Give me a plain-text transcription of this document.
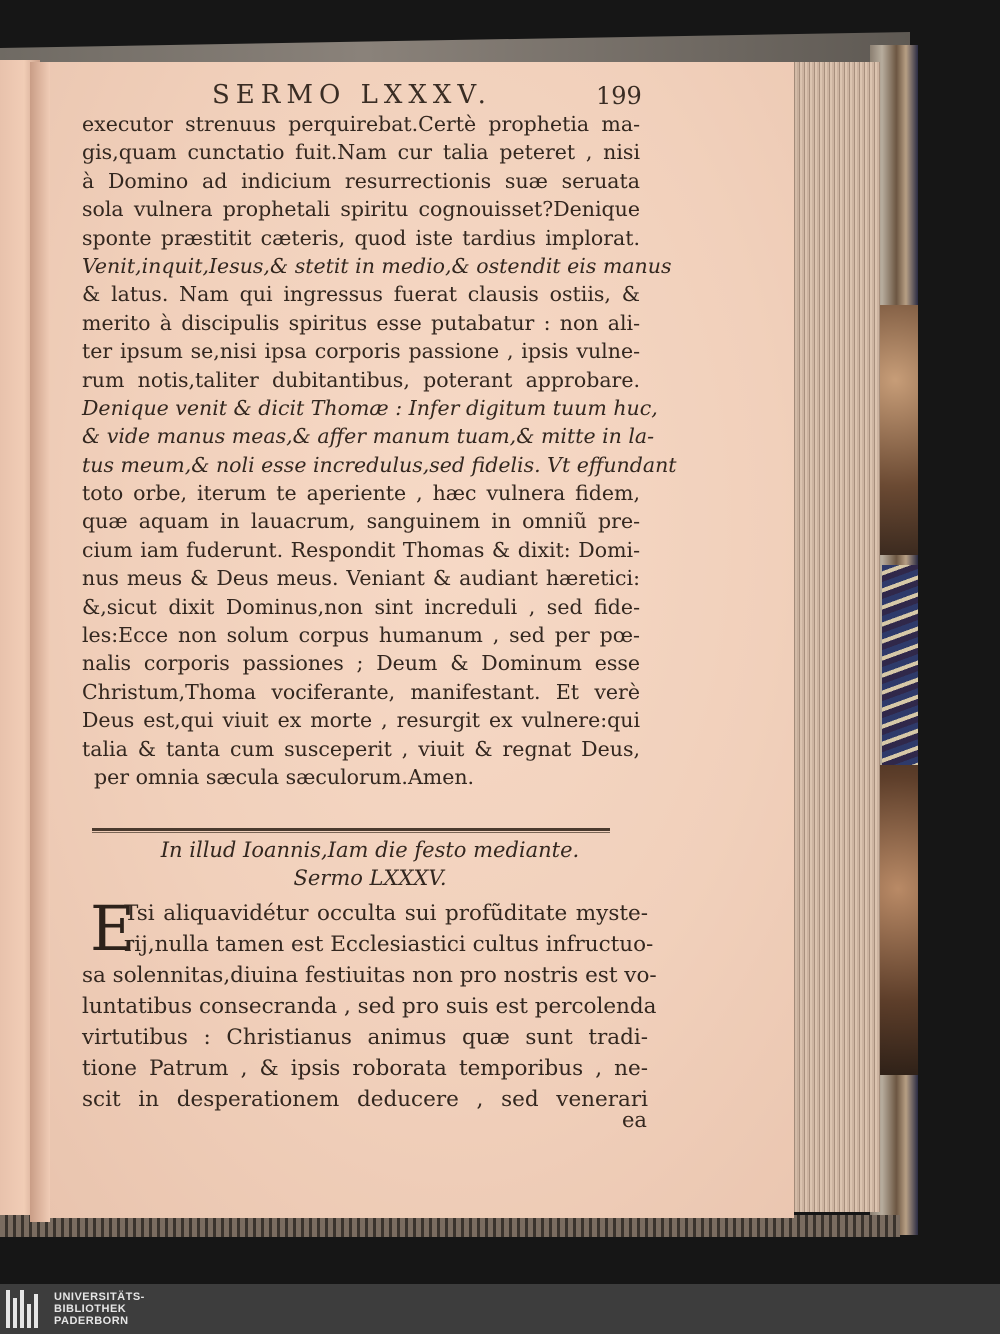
SERMO LXXXV.	199
executor strenuus perquirebat.Certè prophetia ma-
gis,quam cunctatio fuit.Nam cur talia peteret , nisi
à Domino ad indicium resurrectionis suæ seruata
sola vulnera prophetali spiritu cognouisset?Denique
sponte præstitit cæteris, quod iste tardius implorat.
Venit,inquit,Iesus,& stetit in medio,& ostendit eis manus
& latus. Nam qui ingressus fuerat clausis ostiis, &
merito à discipulis spiritus esse putabatur : non ali-
ter ipsum se,nisi ipsa corporis passione , ipsis vulne-
rum notis,taliter dubitantibus, poterant approbare.
Denique venit & dicit Thomæ : Infer digitum tuum huc,
& vide manus meas,& affer manum tuam,& mitte in la-
tus meum,& noli esse incredulus,sed fidelis. Vt effundant
toto orbe, iterum te aperiente , hæc vulnera fidem,
quæ aquam in lauacrum, sanguinem in omniũ pre-
cium iam fuderunt. Respondit Thomas & dixit: Domi-
nus meus & Deus meus. Veniant & audiant hæretici:
&,sicut dixit Dominus,non sint increduli , sed fide-
les:Ecce non solum corpus humanum , sed per pœ-
nalis corporis passiones ; Deum & Dominum esse
Christum,Thoma vociferante, manifestant. Et verè
Deus est,qui viuit ex morte , resurgit ex vulnere:qui
talia & tanta cum susceperit , viuit & regnat Deus,
per omnia sæcula sæculorum.Amen.
In illud Ioannis,Iam die festo mediante.
Sermo LXXXV.
E
Tsi aliquavidétur occulta sui profũditate myste-
rij,nulla tamen est Ecclesiastici cultus infructuo-
sa solennitas,diuina festiuitas non pro nostris est vo-
luntatibus consecranda , sed pro suis est percolenda
virtutibus : Christianus animus quæ sunt tradi-
tione Patrum , & ipsis roborata temporibus , ne-
scit in desperationem deducere , sed venerari
ea
UNIVERSITÄTS-
BIBLIOTHEK
PADERBORN
